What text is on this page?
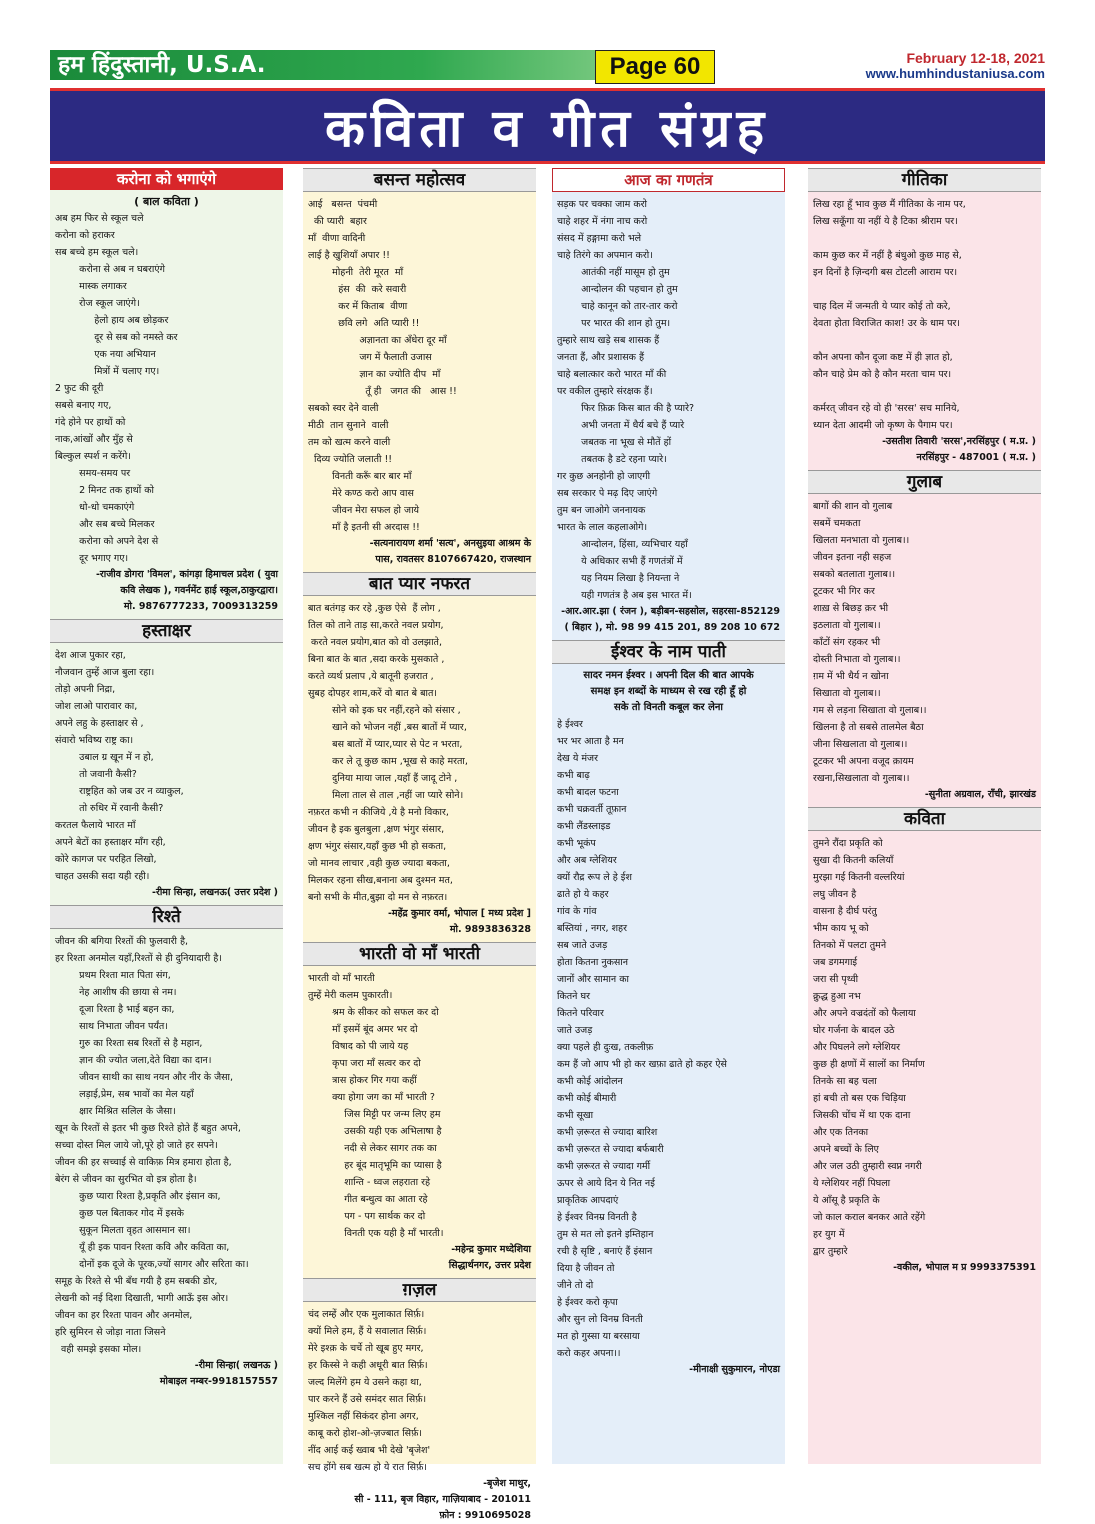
हम हिंदुस्तानी, U.S.A.	Page 60	February 12-18, 2021
www.humhindustaniusa.com
कविता व गीत संग्रह
करोना को भगाएंगे
( बाल कविता )
अब हम फिर से स्कूल चले
करोना को हराकर
सब बच्चे हम स्कूल चले।
करोना से अब न घबराएंगे
मास्क लगाकर
रोज स्कूल जाएंगे।
हेलो हाय अब छोड़कर
दूर से सब को नमस्ते कर
एक नया अभियान
मित्रों में चलाए गए।
2 फुट की दूरी
सबसे बनाए गए,
गंदे होने पर हाथों को
नाक,आंखों और मुँह से
बिल्कुल स्पर्श न करेंगे।
समय-समय पर
2 मिनट तक हाथों को
धो-धो चमकाएंगे
और सब बच्चे मिलकर
करोना को अपने देश से
दूर भगाए गए।
-राजीव डोगरा 'विमल', कांगड़ा हिमाचल प्रदेश ( युवा
कवि लेखक ), गवर्नमेंट हाई स्कूल,ठाकुरद्वारा।
मो. 9876777233, 7009313259
हस्ताक्षर
देश आज पुकार रहा,
नौजवान तुम्हें आज बुला रहा।
तोड़ो अपनी निद्रा,
जोश लाओ पारावार का,
अपने लहु के हस्ताक्षर से ,
संवारो भविष्य राष्ट्र का।
उबाल ग्र खून में न हो,
तो जवानी कैसी?
राष्ट्रहित को जब उर न व्याकुल,
तो रुधिर में रवानी कैसी?
करतल फैलाये भारत माँ
अपने बेटों का हस्ताक्षर माँग रही,
कोरे कागज पर परहित लिखो,
चाहत उसकी सदा यही रही।
-रीमा सिन्हा, लखनऊ( उत्तर प्रदेश )
रिश्ते
जीवन की बगिया रिश्तों की फुलवारी है,
हर रिश्ता अनमोल यहाँ,रिश्तों से ही दुनियादारी है।
प्रथम रिश्ता मात पिता संग,
नेह आशीष की छाया से नम।
दूजा रिश्ता है भाई बहन का,
साथ निभाता जीवन पर्यंत।
गुरु का रिश्ता सब रिश्तों से है महान,
ज्ञान की ज्योत जला,देते विद्या का दान।
जीवन साथी का साथ नयन और नीर के जैसा,
लड़ाई,प्रेम, सब भावों का मेल यहाँ
क्षार मिश्रित सलिल के जैसा।
खून के रिश्तों से इतर भी कुछ रिश्ते होते हैं बहुत अपने,
सच्चा दोस्त मिल जाये जो,पूरे हो जाते हर सपने।
जीवन की हर सच्चाई से वाकिफ़ मित्र हमारा होता है,
बेरंग से जीवन का सुरभित वो इत्र होता है।
कुछ प्यारा रिश्ता है,प्रकृति और इंसान का,
कुछ पल बिताकर गोद में इसके
सुकून मिलता वृहत आसमान सा।
यूँ ही इक पावन रिश्ता कवि और कविता का,
दोनों इक दूजे के पूरक,ज्यों सागर और सरिता का।
समूह के रिश्ते से भी बँध गयी है हम सबकी डोर,
लेखनी को नई दिशा दिखाती, भागी आऊँ इस ओर।
जीवन का हर रिश्ता पावन और अनमोल,
हरि सुमिरन से जोड़ा नाता जिसने
वही समझे इसका मोल।
-रीमा सिन्हा( लखनऊ )
मोबाइल नम्बर-9918157557
बसन्त महोत्सव
आई   बसन्त  पंचमी
की प्यारी  बहार
माँ  वीणा वादिनी
लाई है खुशियाँ अपार !!
मोहनी  तेरी मूरत  माँ
हंस  की  करे सवारी
कर में किताब  वीणा
छवि लगे  अति प्यारी !!
अज्ञानता का अँधेरा दूर माँ
जग में फैलाती उजास
ज्ञान का ज्योति दीप  माँ
तूँ ही   जगत की   आस !!
सबको स्वर देने वाली
मीठी  तान सुनाने  वाली
तम को खत्म करने वाली
दिव्य ज्योति जलाती !!
विनती करूँ बार बार माँ
मेरे कण्ठ करो आप वास
जीवन मेरा सफल हो जाये
माँ है इतनी सी अरदास !!
-सत्यनारायण शर्मा 'सत्य', अनसुइया आश्रम के
पास, रावतसर 8107667420, राजस्थान
बात प्यार नफरत
बात बतंगड़ कर रहे ,कुछ ऐसे  हैं लोग ,
तिल को ताने ताड़ सा,करते नवल प्रयोग,
करते नवल प्रयोग,बात को वो उलझाते,
बिना बात के बात ,सदा करके मुसकाते ,
करते व्यर्थ प्रलाप ,ये बातूनी हजरात ,
सुबह दोपहर शाम,करें वो बात बे बात।
सोने को इक घर नहीं,रहने को संसार ,
खाने को भोजन नहीं ,बस बातों में प्यार,
बस बातों में प्यार,प्यार से पेट न भरता,
कर ले तू कुछ काम ,भूख से काहे मरता,
दुनिया माया जाल ,यहाँ हैं जादू टोने ,
मिला ताल से ताल ,नहीं जा प्यारे सोने।
नफ़रत कभी न कीजिये ,ये है मनो विकार,
जीवन है इक बुलबुला ,क्षण भंगुर संसार,
क्षण भंगुर संसार,यहाँ कुछ भी हो सकता,
जो मानव लाचार ,वही कुछ ज्यादा बकता,
मिलकर रहना सीख,बनाना अब दुश्मन मत,
बनो सभी के मीत,बुझा दो मन से नफ़रत।
-महेंद्र कुमार वर्मा, भोपाल [ मध्य प्रदेश ]
मो. 9893836328
भारती वो माँ भारती
भारती वो माँ भारती
तुम्हें मेरी कलम पुकारती।
श्रम के सीकर को सफल कर दो
माँ इसमें बूंद अमर भर दो
विषाद को पी जाये यह
कृपा जरा माँ सत्वर कर दो
त्रास होकर गिर गया कहीं
क्या होगा जग का माँ भारती ?
जिस मिट्टी पर जन्म लिए हम
उसकी यही एक अभिलाषा है
नदी से लेकर सागर तक का
हर बूंद मातृभूमि का प्यासा है
शान्ति - ध्वज लहराता रहे
गीत बन्धुत्व का आता रहे
पग - पग सार्थक कर दो
विनती एक यही है माँ भारती।
-महेन्द्र कुमार मध्देशिया
सिद्धार्थनगर, उत्तर प्रदेश
ग़ज़ल
चंद लम्हें और एक मुलाकात सिर्फ़।
क्यों मिले हम, हैं ये सवालात सिर्फ़।
मेरे इश्क़ के चर्चे तो खूब हुए मगर,
हर किस्से ने कही अधूरी बात सिर्फ़।
जल्द मिलेंगे हम ये उसने कहा था,
पार करने हैं उसे समंदर सात सिर्फ़।
मुश्किल नहीं सिकंदर होना अगर,
काबू करो होश-ओ-ज़ज्बात सिर्फ़।
नींद आई कई ख्वाब भी देखे 'बृजेश'
सच होंगे सब खत्म हो ये रात सिर्फ़।
-बृजेश माथुर,
सी - 111, बृज विहार, गाज़ियाबाद - 201011
फ़ोन : 9910695028
आज का गणतंत्र
सड़क पर चक्का जाम करो
चाहे शहर में नंगा नाच करो
संसद में हङ्गामा करो भले
चाहे तिरंगे का अपमान करो।
आतंकी नहीं मासूम हो तुम
आन्दोलन की पहचान हो तुम
चाहे कानून को तार-तार करो
पर भारत की शान हो तुम।
तुम्हारे साथ खड़े सब शासक हैं
जनता हैं, और प्रशासक हैं
चाहे बलात्कार करो भारत माँ की
पर वकील तुम्हारे संरक्षक हैं।
फिर फ़िक्र किस बात की है प्यारे?
अभी जनता में धैर्य बचे हैं प्यारे
जबतक ना भूख से मौतें हों
तबतक है डटे रहना प्यारे।
गर कुछ अनहोनी हो जाएगी
सब सरकार पे मढ़ दिए जाएंगे
तुम बन जाओगे जननायक
भारत के लाल कहलाओगे।
आन्दोलन, हिंसा, व्यभिचार यहाँ
ये अधिकार सभी हैं गणतंत्रों में
यह नियम लिखा है नियन्ता ने
यही गणतंत्र है अब इस भारत में।
-आर.आर.झा ( रंजन ), बड़ीबन-सहसोल, सहरसा-852129
( बिहार ), मो. 98 99 415 201, 89 208 10 672
ईश्वर के नाम पाती
सादर नमन ईश्वर । अपनी दिल की बात आपके
समक्ष इन शब्दों के माध्यम से रख रही हूँ हो
सके तो विनती कबूल कर लेना
हे ईश्वर
भर भर आता है मन
देख ये मंजर
कभी बाढ़
कभी बादल फटना
कभी चक्रवर्ती तूफ़ान
कभी लैंडस्लाइड
कभी भूकंप
और अब ग्लेशियर
क्यों रौद्र रूप ले हे ईश
ढाते हो ये कहर
गांव के गांव
बस्तियां , नगर, शहर
सब जाते उजड़
होता कितना नुकसान
जानों और सामान का
कितने घर
कितने परिवार
जाते उजड़
क्या पहले ही दुःख, तकलीफ़
कम हैं जो आप भी हो कर खफ़ा ढाते हो कहर ऐसे
कभी कोई आंदोलन
कभी कोई बीमारी
कभी सूखा
कभी ज़रूरत से ज्यादा बारिश
कभी ज़रूरत से ज्यादा बर्फबारी
कभी ज़रूरत से ज्यादा गर्मी
ऊपर से आये दिन ये नित नई
प्राकृतिक आपदाएं
हे ईश्वर विनम्र विनती है
तुम से मत लो इतने इम्तिहान
रची है सृष्टि , बनाएं हैं इंसान
दिया है जीवन तो
जीने तो दो
हे ईश्वर करो कृपा
और सुन लो विनम्र विनती
मत हो गुस्सा या बरसाया
करो कहर अपना।।
-मीनाक्षी सुकुमारन, नोएडा
गीतिका
लिख रहा हूँ भाव कुछ मैं गीतिका के नाम पर,
लिख सकूँगा या नहीं ये है टिका श्रीराम पर।

काम कुछ कर में नहीं है बंधुओ कुछ माह से,
इन दिनों है ज़िन्दगी बस टोटली आराम पर।

चाह दिल में जन्मती ये प्यार कोई तो करे,
देवता होता विराजित काश! उर के धाम पर।

कौन अपना कौन दूजा कष्ट में ही ज्ञात हो,
कौन चाहे प्रेम को है कौन मरता चाम पर।

कर्मरत् जीवन रहे वो ही 'सरस' सच मानिये,
ध्यान देता आदमी जो कृष्ण के पैगाम पर।
-उसतीश तिवारी 'सरस',नरसिंहपुर ( म.प्र. )
नरसिंहपुर - 487001 ( म.प्र. )
गुलाब
बागों की शान वो गुलाब
सबमें चमकता
खिलता मनभाता वो गुलाब।।
जीवन इतना नही सहज
सबको बतलाता गुलाब।।
टूटकर भी गिर कर
शाख़ से बिछड़ क़र भी
इठलाता वो गुलाब।।
काँटों संग रहकर भी
दोस्ती निभाता वो गुलाब।।
ग़म में भी धैर्य न खोना
सिखाता वो गुलाब।।
गम से लड़ना सिखाता वो गुलाब।।
खिलना है तो सबसे तालमेल बैठा
जीना सिखलाता वो गुलाब।।
टूटकर भी अपना वजूद क़ायम
रखना,सिखलाता वो गुलाब।।
-सुनीता अग्रवाल, राँची, झारखंड
कविता
तुमने रौंदा प्रकृति को
सुखा दी कितनी कलियाँ
मुरझा गई कितनी वल्लरियां
लघु जीवन है
वासना है दीर्घ परंतु
भीम काय भू को
तिनको में पलटा तुमने
जब डगमगाई
जरा सी पृथ्वी
क्रुद्ध हुआ नभ
और अपने वज्रदंतों को फैलाया
घोर गर्जना के बादल उठे
और पिघलने लगे ग्लेशियर
कुछ ही क्षणों में सालों का निर्माण
तिनके सा बह चला
हां बची तो बस एक चिड़िया
जिसकी चोंच में था एक दाना
और एक तिनका
अपने बच्चों के लिए
और जल उठी तुम्हारी स्वप्न नगरी
ये ग्लेशियर नहीं पिघला
ये आँसू है प्रकृति के
जो काल कराल बनकर आते रहेंगे
हर युग में
द्वार तुम्हारे
-वकील, भोपाल म प्र 9993375391
